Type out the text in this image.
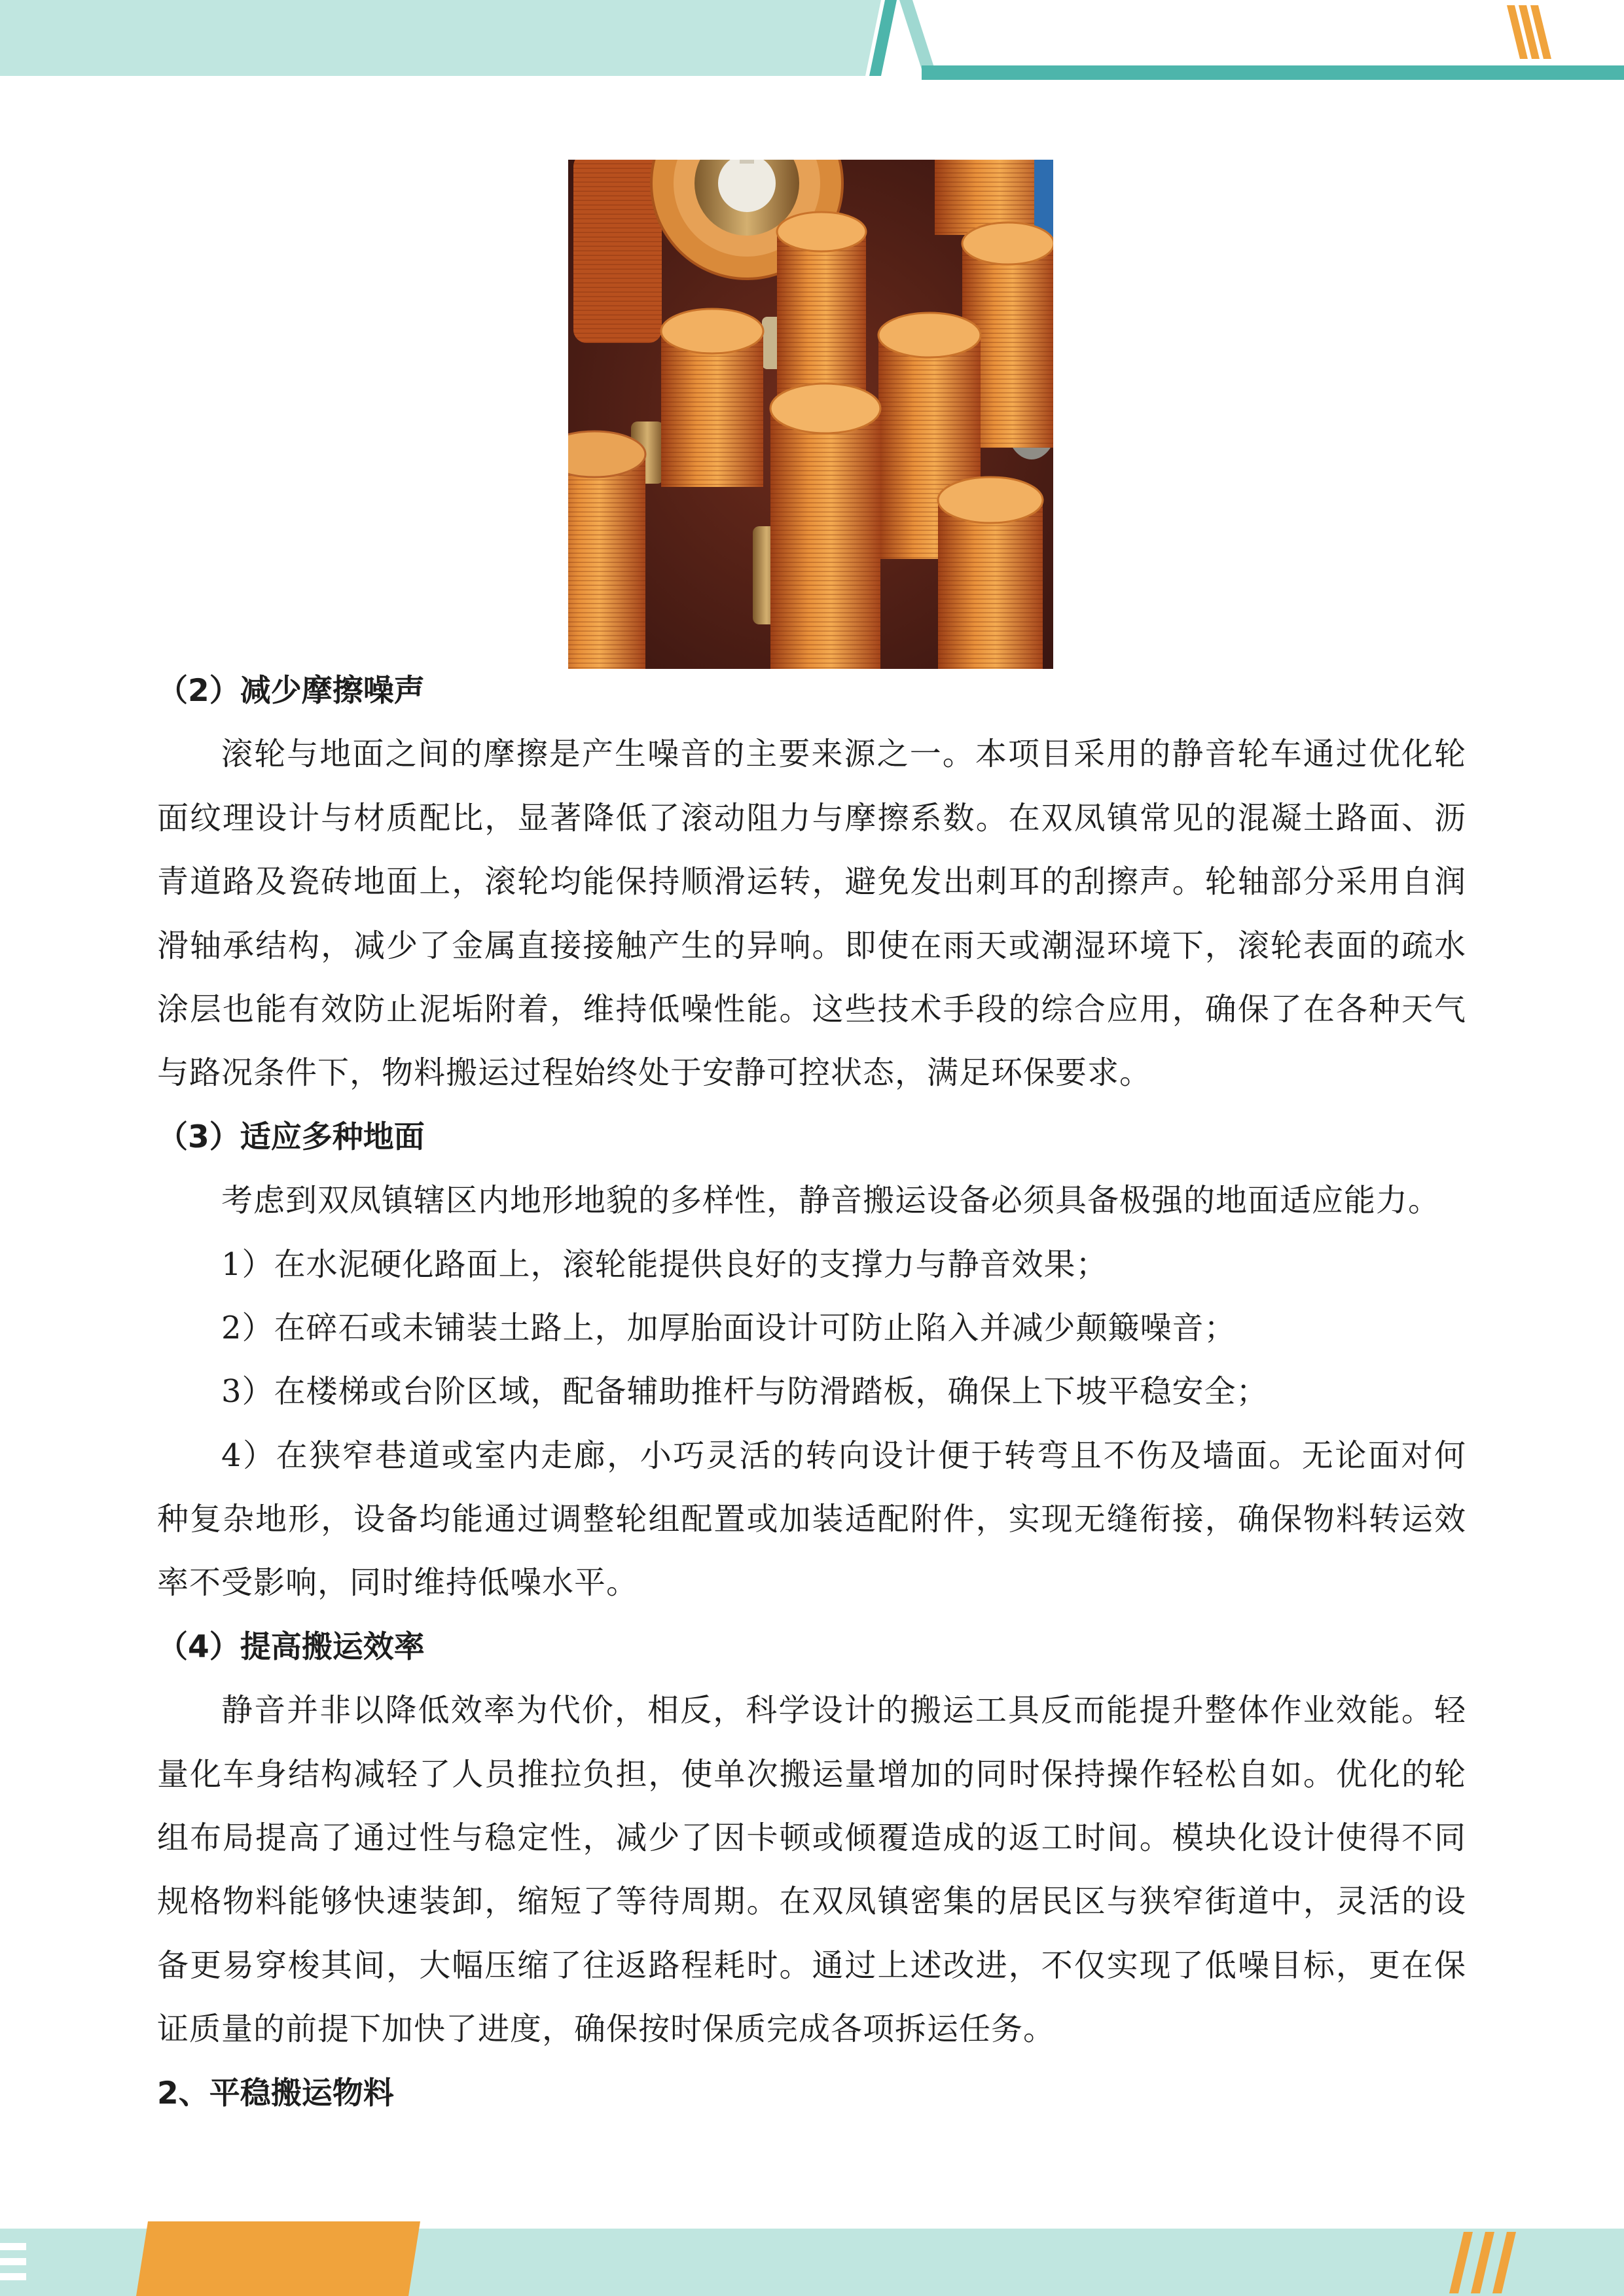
（2）减少摩擦噪声
滚轮与地面之间的摩擦是产生噪音的主要来源之一。本项目采用的静音轮车通过优化轮
面纹理设计与材质配比，显著降低了滚动阻力与摩擦系数。在双凤镇常见的混凝土路面、沥
青道路及瓷砖地面上，滚轮均能保持顺滑运转，避免发出刺耳的刮擦声。轮轴部分采用自润
滑轴承结构，减少了金属直接接触产生的异响。即使在雨天或潮湿环境下，滚轮表面的疏水
涂层也能有效防止泥垢附着，维持低噪性能。这些技术手段的综合应用，确保了在各种天气
与路况条件下，物料搬运过程始终处于安静可控状态，满足环保要求。
（3）适应多种地面
考虑到双凤镇辖区内地形地貌的多样性，静音搬运设备必须具备极强的地面适应能力。
1）在水泥硬化路面上，滚轮能提供良好的支撑力与静音效果；
2）在碎石或未铺装土路上，加厚胎面设计可防止陷入并减少颠簸噪音；
3）在楼梯或台阶区域，配备辅助推杆与防滑踏板，确保上下坡平稳安全；
4）在狭窄巷道或室内走廊，小巧灵活的转向设计便于转弯且不伤及墙面。无论面对何
种复杂地形，设备均能通过调整轮组配置或加装适配附件，实现无缝衔接，确保物料转运效
率不受影响，同时维持低噪水平。
（4）提高搬运效率
静音并非以降低效率为代价，相反，科学设计的搬运工具反而能提升整体作业效能。轻
量化车身结构减轻了人员推拉负担，使单次搬运量增加的同时保持操作轻松自如。优化的轮
组布局提高了通过性与稳定性，减少了因卡顿或倾覆造成的返工时间。模块化设计使得不同
规格物料能够快速装卸，缩短了等待周期。在双凤镇密集的居民区与狭窄街道中，灵活的设
备更易穿梭其间，大幅压缩了往返路程耗时。通过上述改进，不仅实现了低噪目标，更在保
证质量的前提下加快了进度，确保按时保质完成各项拆运任务。
2、平稳搬运物料
